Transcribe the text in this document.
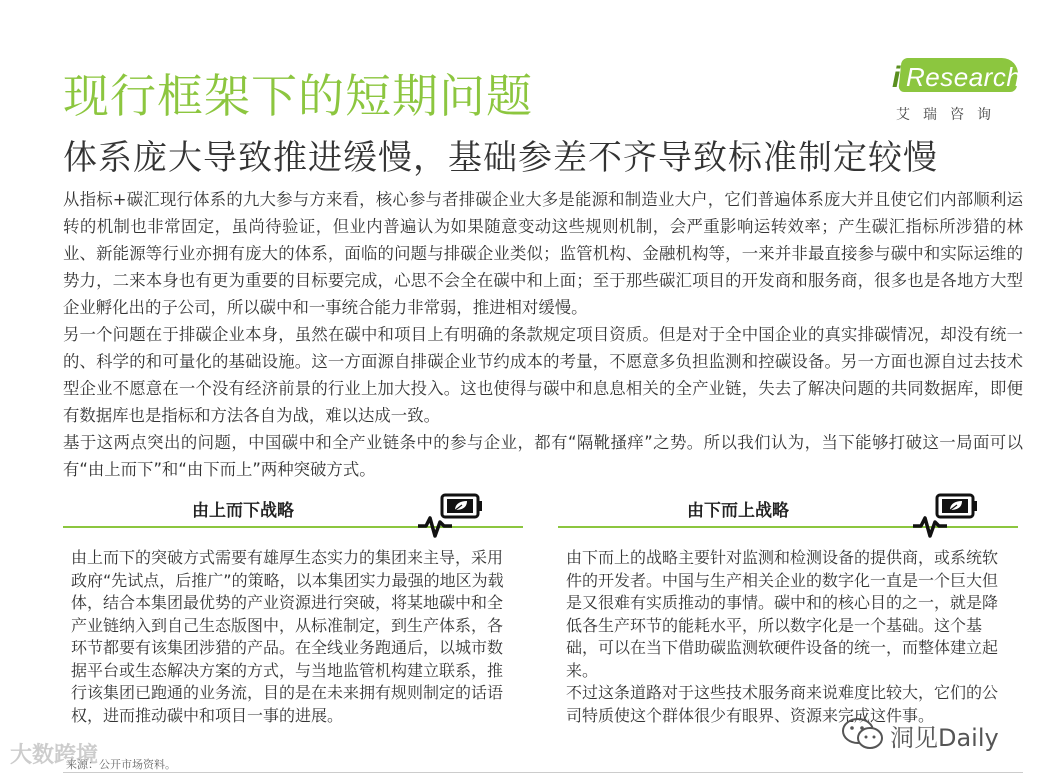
现行框架下的短期问题
体系庞大导致推进缓慢，基础参差不齐导致标准制定较慢
i Research
艾瑞咨询

从指标+碳汇现行体系的九大参与方来看，核心参与者排碳企业大多是能源和制造业大户，它们普遍体系庞大并且使它们内部顺利运转的机制也非常固定，虽尚待验证，但业内普遍认为如果随意变动这些规则机制，会严重影响运转效率；产生碳汇指标所涉猎的林业、新能源等行业亦拥有庞大的体系，面临的问题与排碳企业类似；监管机构、金融机构等，一来并非最直接参与碳中和实际运维的势力，二来本身也有更为重要的目标要完成，心思不会全在碳中和上面；至于那些碳汇项目的开发商和服务商，很多也是各地方大型企业孵化出的子公司，所以碳中和一事统合能力非常弱，推进相对缓慢。

另一个问题在于排碳企业本身，虽然在碳中和项目上有明确的条款规定项目资质。但是对于全中国企业的真实排碳情况，却没有统一的、科学的和可量化的基础设施。这一方面源自排碳企业节约成本的考量，不愿意多负担监测和控碳设备。另一方面也源自过去技术型企业不愿意在一个没有经济前景的行业上加大投入。这也使得与碳中和息息相关的全产业链，失去了解决问题的共同数据库，即便有数据库也是指标和方法各自为战，难以达成一致。

基于这两点突出的问题，中国碳中和全产业链条中的参与企业，都有“隔靴搔痒”之势。所以我们认为，当下能够打破这一局面可以有“由上而下”和“由下而上”两种突破方式。

由上而下战略

由上而下的突破方式需要有雄厚生态实力的集团来主导，采用政府“先试点，后推广”的策略，以本集团实力最强的地区为载体，结合本集团最优势的产业资源进行突破，将某地碳中和全产业链纳入到自己生态版图中，从标准制定，到生产体系，各环节都要有该集团涉猎的产品。在全线业务跑通后，以城市数据平台或生态解决方案的方式，与当地监管机构建立联系，推行该集团已跑通的业务流，目的是在未来拥有规则制定的话语权，进而推动碳中和项目一事的进展。

由下而上战略

由下而上的战略主要针对监测和检测设备的提供商，或系统软件的开发者。中国与生产相关企业的数字化一直是一个巨大但是又很难有实质推动的事情。碳中和的核心目的之一，就是降低各生产环节的能耗水平，所以数字化是一个基础。这个基础，可以在当下借助碳监测软硬件设备的统一，而整体建立起来。

不过这条道路对于这些技术服务商来说难度比较大，它们的公司特质使这个群体很少有眼界、资源来完成这件事。

来源：公开市场资料。
大数跨境
洞见Daily
